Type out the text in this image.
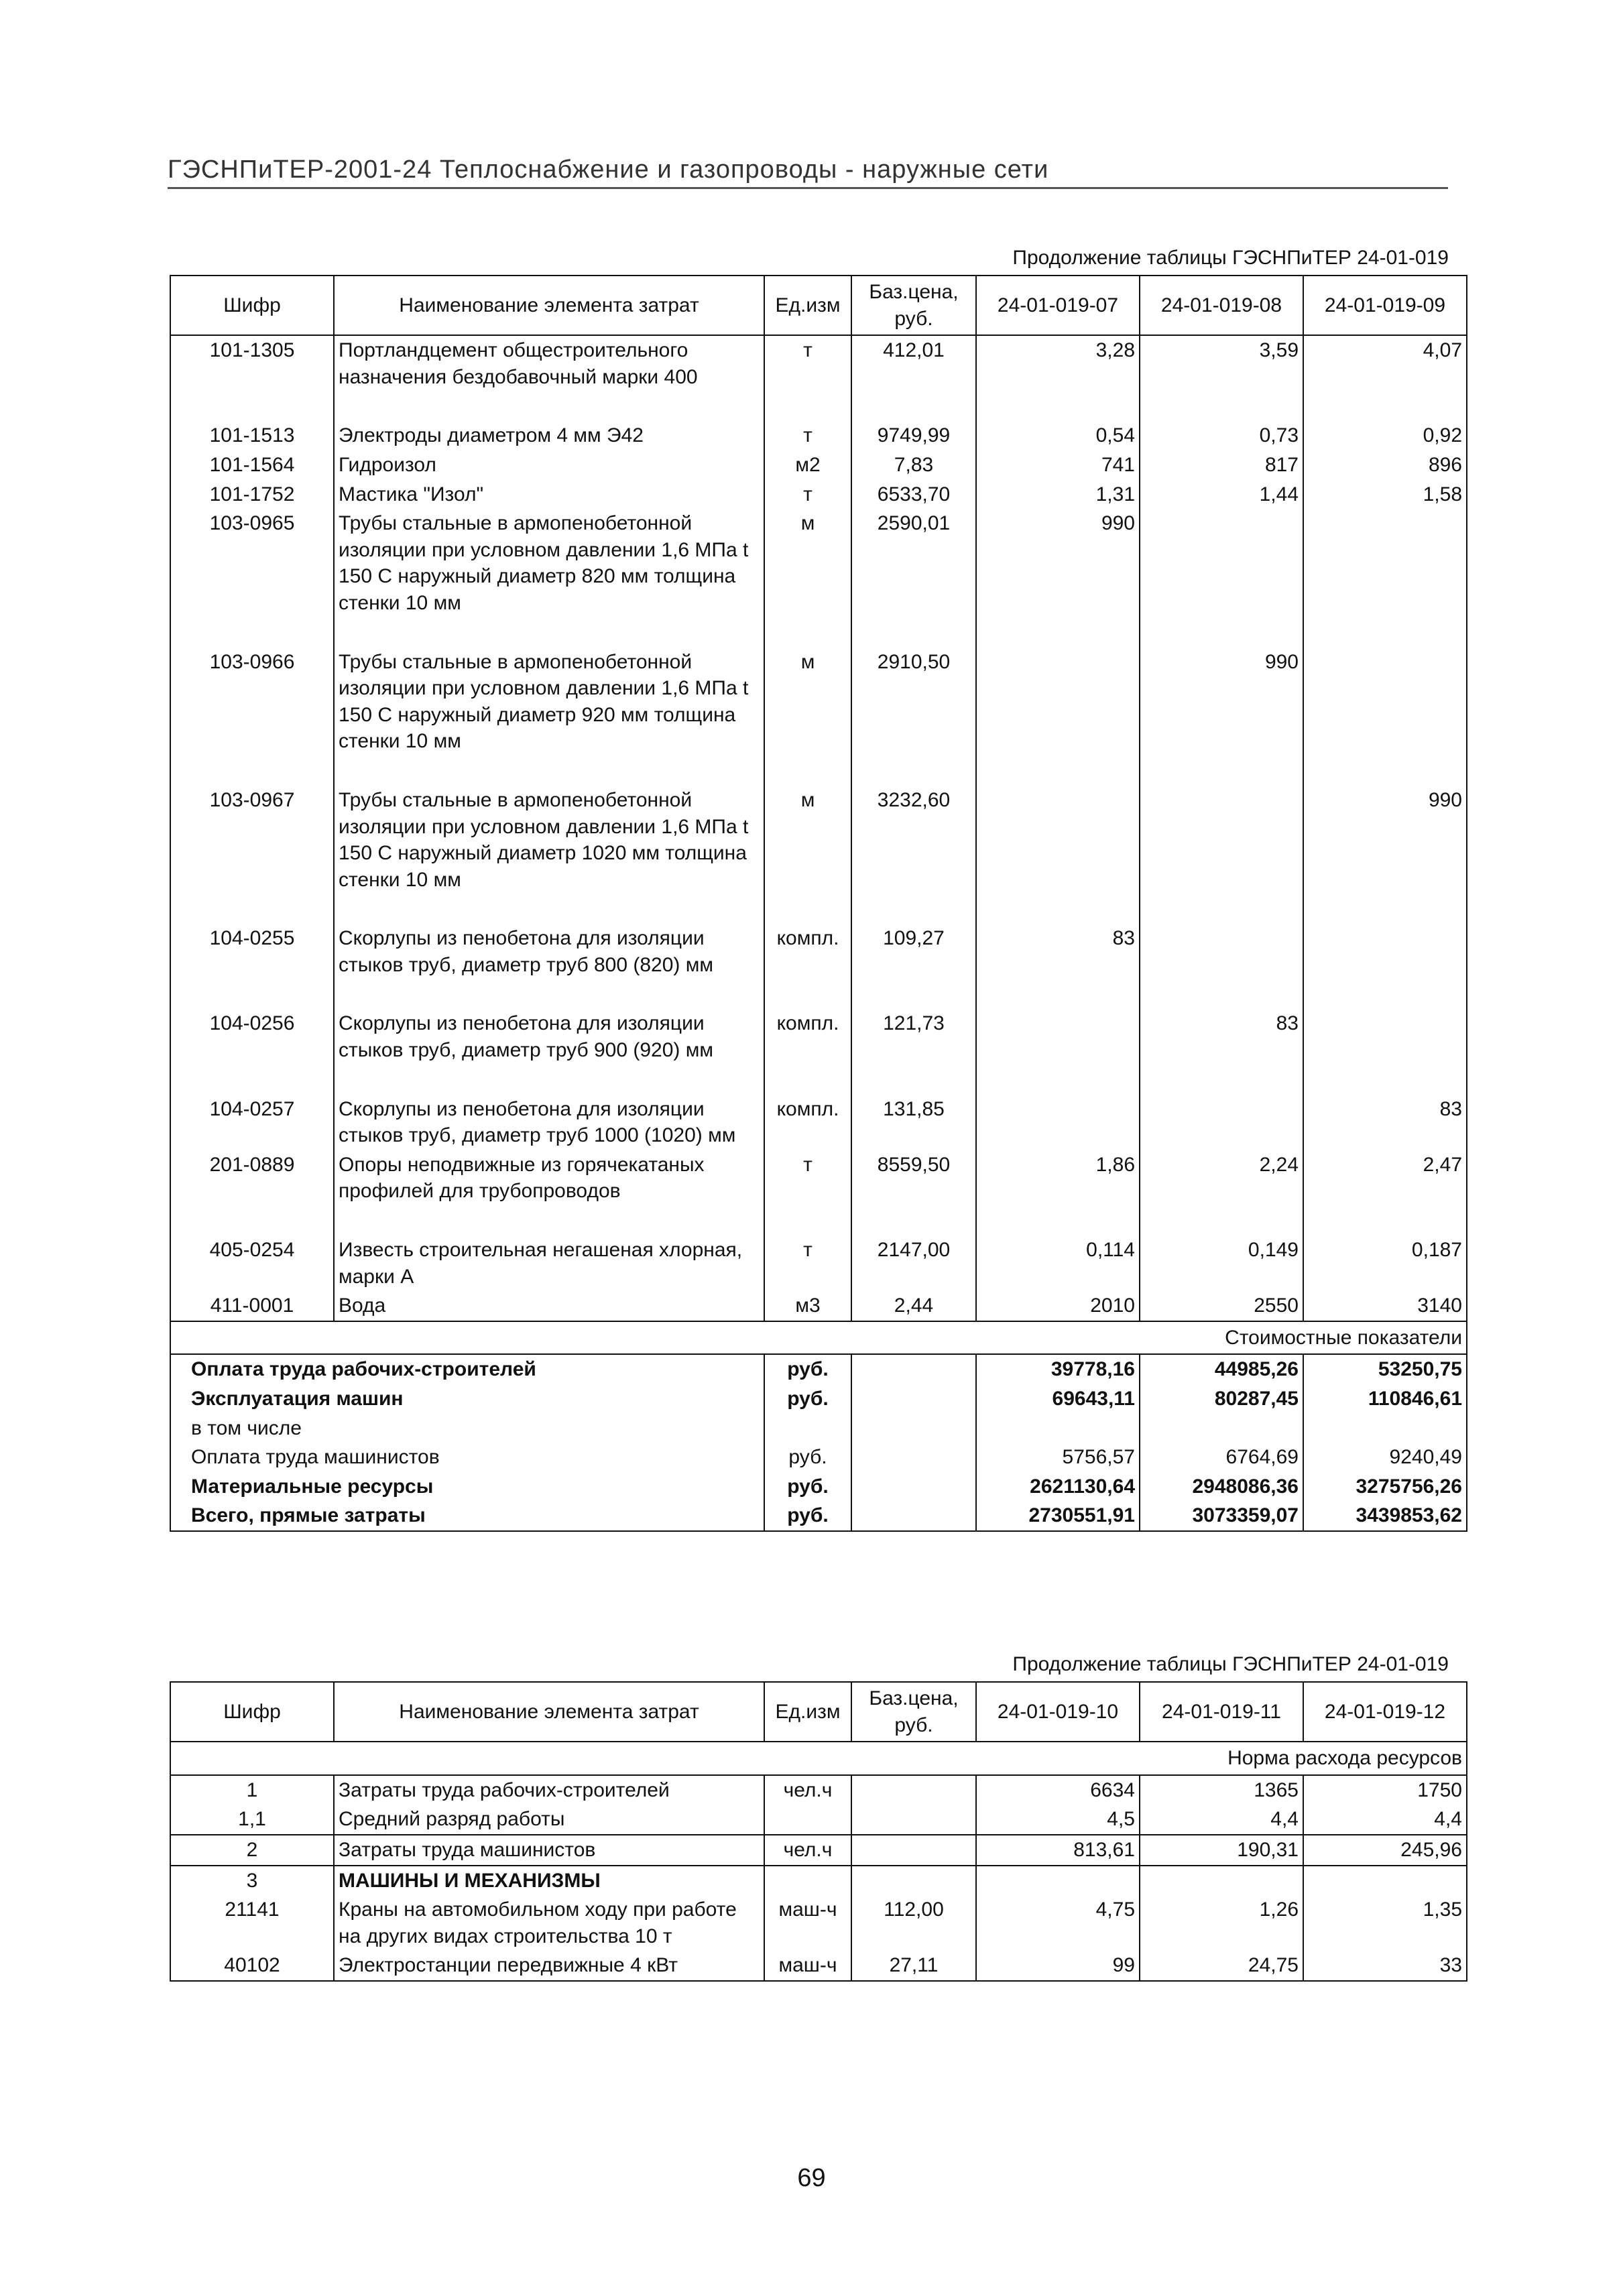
ГЭСНПиТЕР-2001-24 Теплоснабжение и газопроводы - наружные сети
Продолжение таблицы ГЭСНПиТЕР 24-01-019
Шифр	Наименование элемента затрат	Ед.изм	Баз.цена, руб.	24-01-019-07	24-01-019-08	24-01-019-09
101-1305	Портландцемент общестроительного назначения бездобавочный марки 400	т	412,01	3,28	3,59	4,07

101-1513	Электроды диаметром 4 мм Э42	т	9749,99	0,54	0,73	0,92
101-1564	Гидроизол	м2	7,83	741	817	896
101-1752	Мастика "Изол"	т	6533,70	1,31	1,44	1,58
103-0965	Трубы стальные в армопенобетонной изоляции при условном давлении 1,6 МПа t 150 С наружный диаметр 820 мм толщина стенки 10 мм	м	2590,01	990		

103-0966	Трубы стальные в армопенобетонной изоляции при условном давлении 1,6 МПа t 150 С наружный диаметр 920 мм толщина стенки 10 мм	м	2910,50		990	

103-0967	Трубы стальные в армопенобетонной изоляции при условном давлении 1,6 МПа t 150 С наружный диаметр 1020 мм толщина стенки 10 мм	м	3232,60			990

104-0255	Скорлупы из пенобетона для изоляции стыков труб, диаметр труб 800 (820) мм	компл.	109,27	83		

104-0256	Скорлупы из пенобетона для изоляции стыков труб, диаметр труб 900 (920) мм	компл.	121,73		83	

104-0257	Скорлупы из пенобетона для изоляции стыков труб, диаметр труб 1000 (1020) мм	компл.	131,85			83
201-0889	Опоры неподвижные из горячекатаных профилей для трубопроводов	т	8559,50	1,86	2,24	2,47

405-0254	Известь строительная негашеная хлорная, марки А	т	2147,00	0,114	0,149	0,187
411-0001	Вода	м3	2,44	2010	2550	3140
Стоимостные показатели						
Оплата труда рабочих-строителей		руб.		39778,16	44985,26	53250,75
Эксплуатация машин		руб.		69643,11	80287,45	110846,61
в том числе						
Оплата труда машинистов		руб.		5756,57	6764,69	9240,49
Материальные ресурсы		руб.		2621130,64	2948086,36	3275756,26
Всего, прямые затраты		руб.		2730551,91	3073359,07	3439853,62
Продолжение таблицы ГЭСНПиТЕР 24-01-019
Шифр	Наименование элемента затрат	Ед.изм	Баз.цена, руб.	24-01-019-10	24-01-019-11	24-01-019-12
Норма расхода ресурсов						
1	Затраты труда рабочих-строителей	чел.ч		6634	1365	1750
1,1	Средний разряд работы			4,5	4,4	4,4
2	Затраты труда машинистов	чел.ч		813,61	190,31	245,96
3	МАШИНЫ И МЕХАНИЗМЫ					
21141	Краны на автомобильном ходу при работе на других видах строительства 10 т	маш-ч	112,00	4,75	1,26	1,35
40102	Электростанции передвижные 4 кВт	маш-ч	27,11	99	24,75	33
69
